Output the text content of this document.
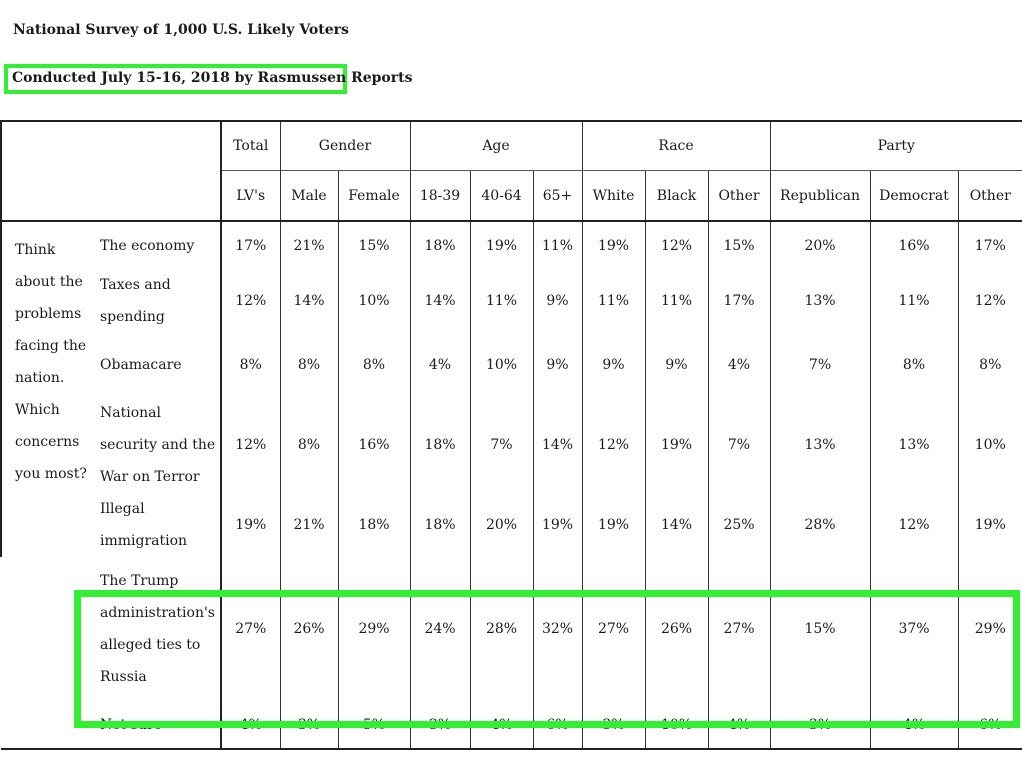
National Survey of 1,000 U.S. Likely Voters
Conducted July 15-16, 2018 by Rasmussen Reports
		Total	Gender		Age			Race			Party		
		LV's	Male	Female	18-39	40-64	65+	White	Black	Other	Republican	Democrat	Other
Think about the problems facing the nation. Which concerns you most?	The economy	17%	21%	15%	18%	19%	11%	19%	12%	15%	20%	16%	17%
	Taxes and spending	12%	14%	10%	14%	11%	9%	11%	11%	17%	13%	11%	12%
	Obamacare	8%	8%	8%	4%	10%	9%	9%	9%	4%	7%	8%	8%
	National security and the War on Terror	12%	8%	16%	18%	7%	14%	12%	19%	7%	13%	13%	10%
	Illegal immigration	19%	21%	18%	18%	20%	19%	19%	14%	25%	28%	12%	19%
	The Trump administration's alleged ties to Russia	27%	26%	29%	24%	28%	32%	27%	26%	27%	15%	37%	29%
	Not sure	4%	3%	5%	3%	4%	6%	3%	10%	4%	3%	4%	6%
